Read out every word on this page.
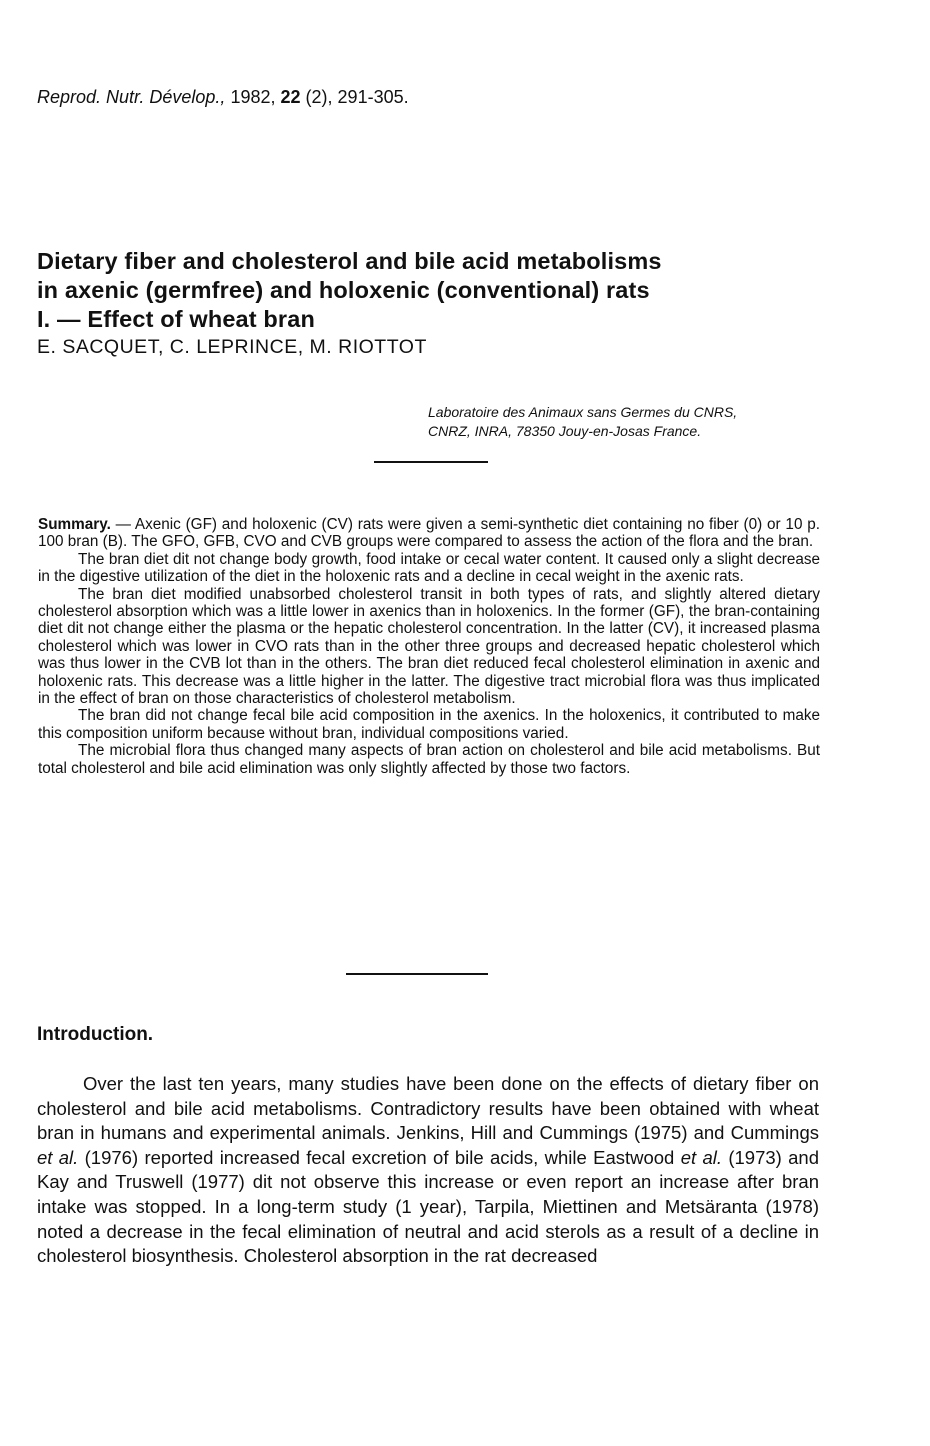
Reprod. Nutr. Dévelop., 1982, 22 (2), 291-305.
Dietary fiber and cholesterol and bile acid metabolisms
in axenic (germfree) and holoxenic (conventional) rats
I. — Effect of wheat bran
E. SACQUET, C. LEPRINCE, M. RIOTTOT
Laboratoire des Animaux sans Germes du CNRS,
CNRZ, INRA, 78350 Jouy-en-Josas France.

Summary. — Axenic (GF) and holoxenic (CV) rats were given a semi-synthetic diet containing no fiber (0) or 10 p. 100 bran (B). The GFO, GFB, CVO and CVB groups were compared to assess the action of the flora and the bran.

The bran diet dit not change body growth, food intake or cecal water content. It caused only a slight decrease in the digestive utilization of the diet in the holoxenic rats and a decline in cecal weight in the axenic rats.

The bran diet modified unabsorbed cholesterol transit in both types of rats, and slightly altered dietary cholesterol absorption which was a little lower in axenics than in holoxenics. In the former (GF), the bran-containing diet dit not change either the plasma or the hepatic cholesterol concentration. In the latter (CV), it increased plasma cholesterol which was lower in CVO rats than in the other three groups and decreased hepatic cholesterol which was thus lower in the CVB lot than in the others. The bran diet reduced fecal cholesterol elimination in axenic and holoxenic rats. This decrease was a little higher in the latter. The digestive tract microbial flora was thus implicated in the effect of bran on those characteristics of cholesterol metabolism.

The bran did not change fecal bile acid composition in the axenics. In the holoxenics, it contributed to make this composition uniform because without bran, individual compositions varied.

The microbial flora thus changed many aspects of bran action on cholesterol and bile acid metabolisms. But total cholesterol and bile acid elimination was only slightly affected by those two factors.

Introduction.

Over the last ten years, many studies have been done on the effects of dietary fiber on cholesterol and bile acid metabolisms. Contradictory results have been obtained with wheat bran in humans and experimental animals. Jenkins, Hill and Cummings (1975) and Cummings et al. (1976) reported increased fecal excretion of bile acids, while Eastwood et al. (1973) and Kay and Truswell (1977) dit not observe this increase or even report an increase after bran intake was stopped. In a long-term study (1 year), Tarpila, Miettinen and Metsäranta (1978) noted a decrease in the fecal elimination of neutral and acid sterols as a result of a decline in cholesterol biosynthesis. Cholesterol absorption in the rat decreased
